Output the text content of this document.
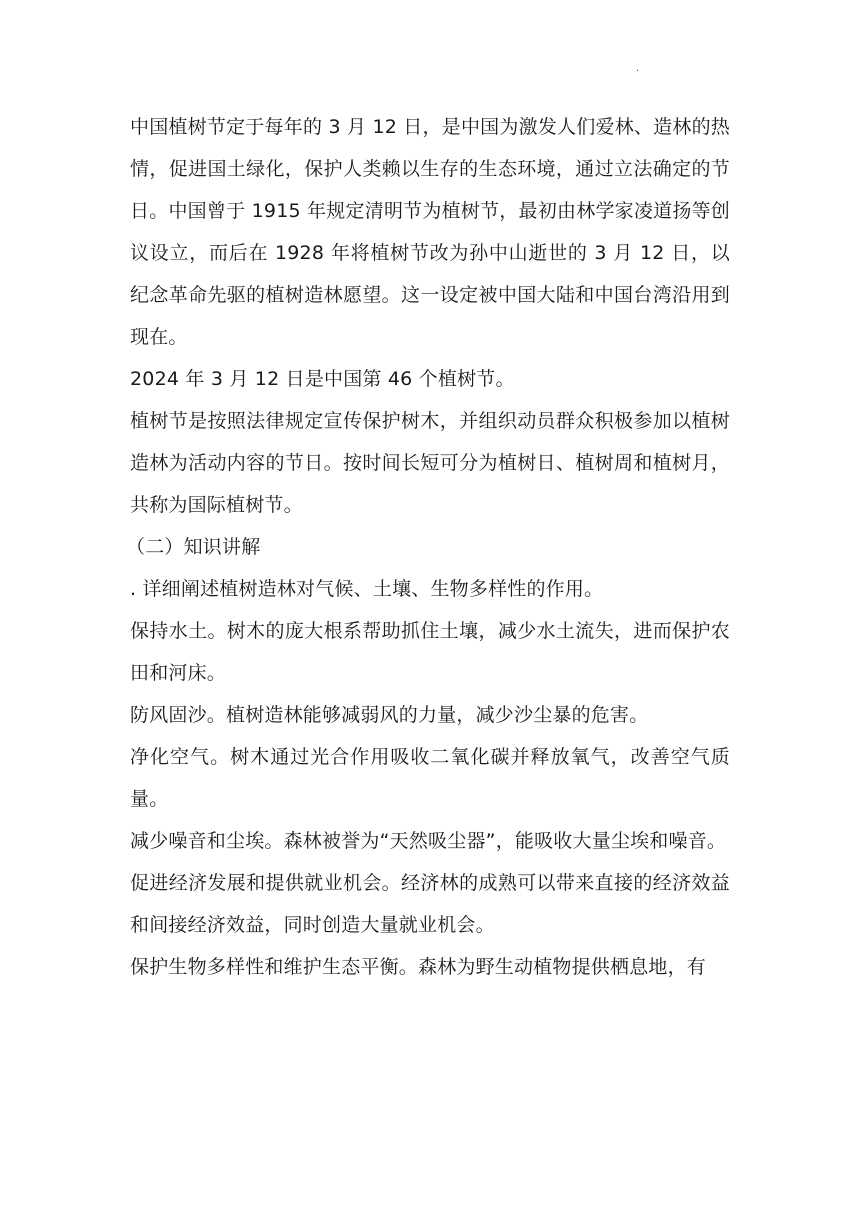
.

中国植树节定于每年的 3 月 12 日，是中国为激发人们爱林、造林的热情，促进国土绿化，保护人类赖以生存的生态环境，通过立法确定的节日。中国曾于 1915 年规定清明节为植树节，最初由林学家凌道扬等创议设立，而后在 1928 年将植树节改为孙中山逝世的 3 月 12 日，以纪念革命先驱的植树造林愿望。这一设定被中国大陆和中国台湾沿用到现在。

2024 年 3 月 12 日是中国第 46 个植树节。

植树节是按照法律规定宣传保护树木，并组织动员群众积极参加以植树造林为活动内容的节日。按时间长短可分为植树日、植树周和植树月，共称为国际植树节。

（二）知识讲解

. 详细阐述植树造林对气候、土壤、生物多样性的作用。

保持水土。树木的庞大根系帮助抓住土壤，减少水土流失，进而保护农田和河床。

防风固沙。植树造林能够减弱风的力量，减少沙尘暴的危害。

净化空气。树木通过光合作用吸收二氧化碳并释放氧气，改善空气质量。

减少噪音和尘埃。森林被誉为“天然吸尘器”，能吸收大量尘埃和噪音。

促进经济发展和提供就业机会。经济林的成熟可以带来直接的经济效益和间接经济效益，同时创造大量就业机会。

保护生物多样性和维护生态平衡。森林为野生动植物提供栖息地，有
